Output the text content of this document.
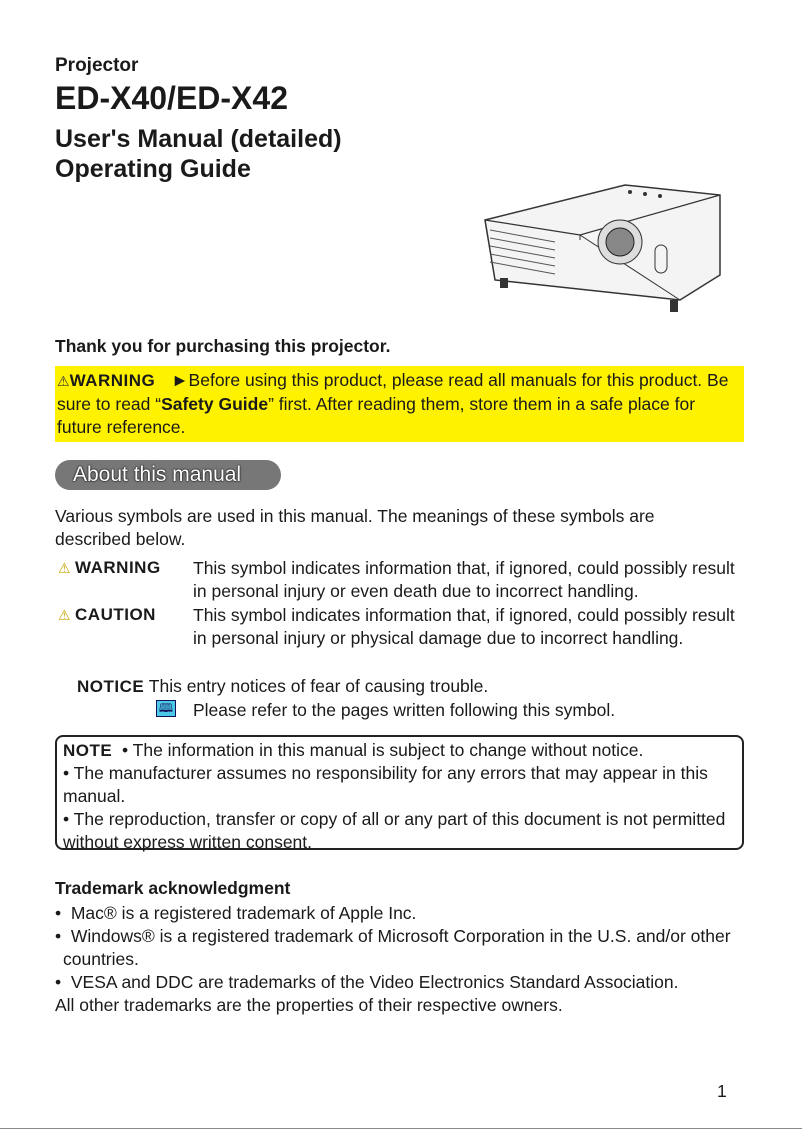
Projector
ED-X40/ED-X42
User's Manual (detailed)
Operating Guide
Thank you for purchasing this projector.
⚠WARNING ►Before using this product, please read all manuals for this product. Be sure to read “Safety Guide” first. After reading them, store them in a safe place for future reference.
About this manual
Various symbols are used in this manual. The meanings of these symbols are described below.
⚠ WARNING This symbol indicates information that, if ignored, could possibly result in personal injury or even death due to incorrect handling.
⚠ CAUTION This symbol indicates information that, if ignored, could possibly result in personal injury or physical damage due to incorrect handling.
NOTICE This entry notices of fear of causing trouble.
🕮 Please refer to the pages written following this symbol.
NOTE • The information in this manual is subject to change without notice.
• The manufacturer assumes no responsibility for any errors that may appear in this manual.
• The reproduction, transfer or copy of all or any part of this document is not permitted without express written consent.
Trademark acknowledgment
•  Mac® is a registered trademark of Apple Inc.
•  Windows® is a registered trademark of Microsoft Corporation in the U.S. and/or other countries.
•  VESA and DDC are trademarks of the Video Electronics Standard Association.
All other trademarks are the properties of their respective owners.
1
